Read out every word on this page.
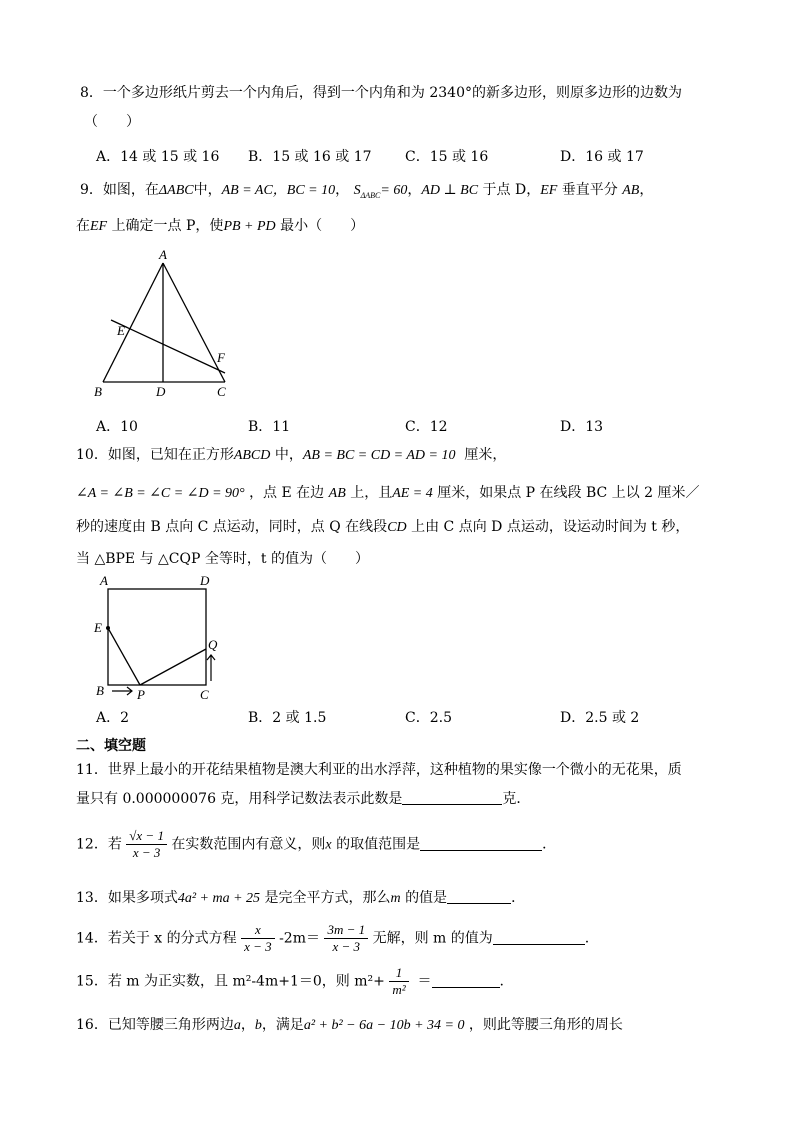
8．一个多边形纸片剪去一个内角后，得到一个内角和为 2340°的新多边形，则原多边形的边数为
（　　）
A．14 或 15 或 16 B．15 或 16 或 17 C．15 或 16	D．16 或 17
9．如图，在ΔABC中，AB = AC，BC = 10， $S_{\Delta ABC}= 60$，AD ⊥ BC 于点 D，EF 垂直平分 AB，
在EF 上确定一点 P，使PB + PD 最小（　　）
A
E
F
B	D	C
A．10	B．11	C．12	D．13
10．如图，已知在正方形ABCD 中，AB = BC = CD = AD = 10 厘米，
∠A = ∠B = ∠C = ∠D = 90° ，点 E 在边 AB 上，且AE = 4 厘米，如果点 P 在线段 BC 上以 2 厘米／
秒的速度由 B 点向 C 点运动，同时，点 Q 在线段CD 上由 C 点向 D 点运动，设运动时间为 t 秒，
当 △BPE 与 △CQP 全等时，t 的值为（　　）
A	D
E
Q
B	P	C
A．2	B．2 或 1.5	C．2.5	D．2.5 或 2
二、填空题
11．世界上最小的开花结果植物是澳大利亚的出水浮萍，这种植物的果实像一个微小的无花果，质
量只有 0.000000076 克，用科学记数法表示此数是	克．
12．若 $\frac{√x - 1}{x - 3}$ 在实数范围内有意义，则x 的取值范围是	．
13．如果多项式4a² + ma + 25 是完全平方式，那么m 的值是	．
14．若关于 x 的分式方程 $\frac{x}{x - 3} -2m= \frac{3m - 1}{x - 3}$ 无解，则 m 的值为	.
15．若 m 为正实数，且 m²-4m+1＝0，则 $m^2+ \frac{1}{\text{m²}}$ ＝	.
16．已知等腰三角形两边a，b，满足a² + b² − 6a − 10b + 34 = 0 ，则此等腰三角形的周长
